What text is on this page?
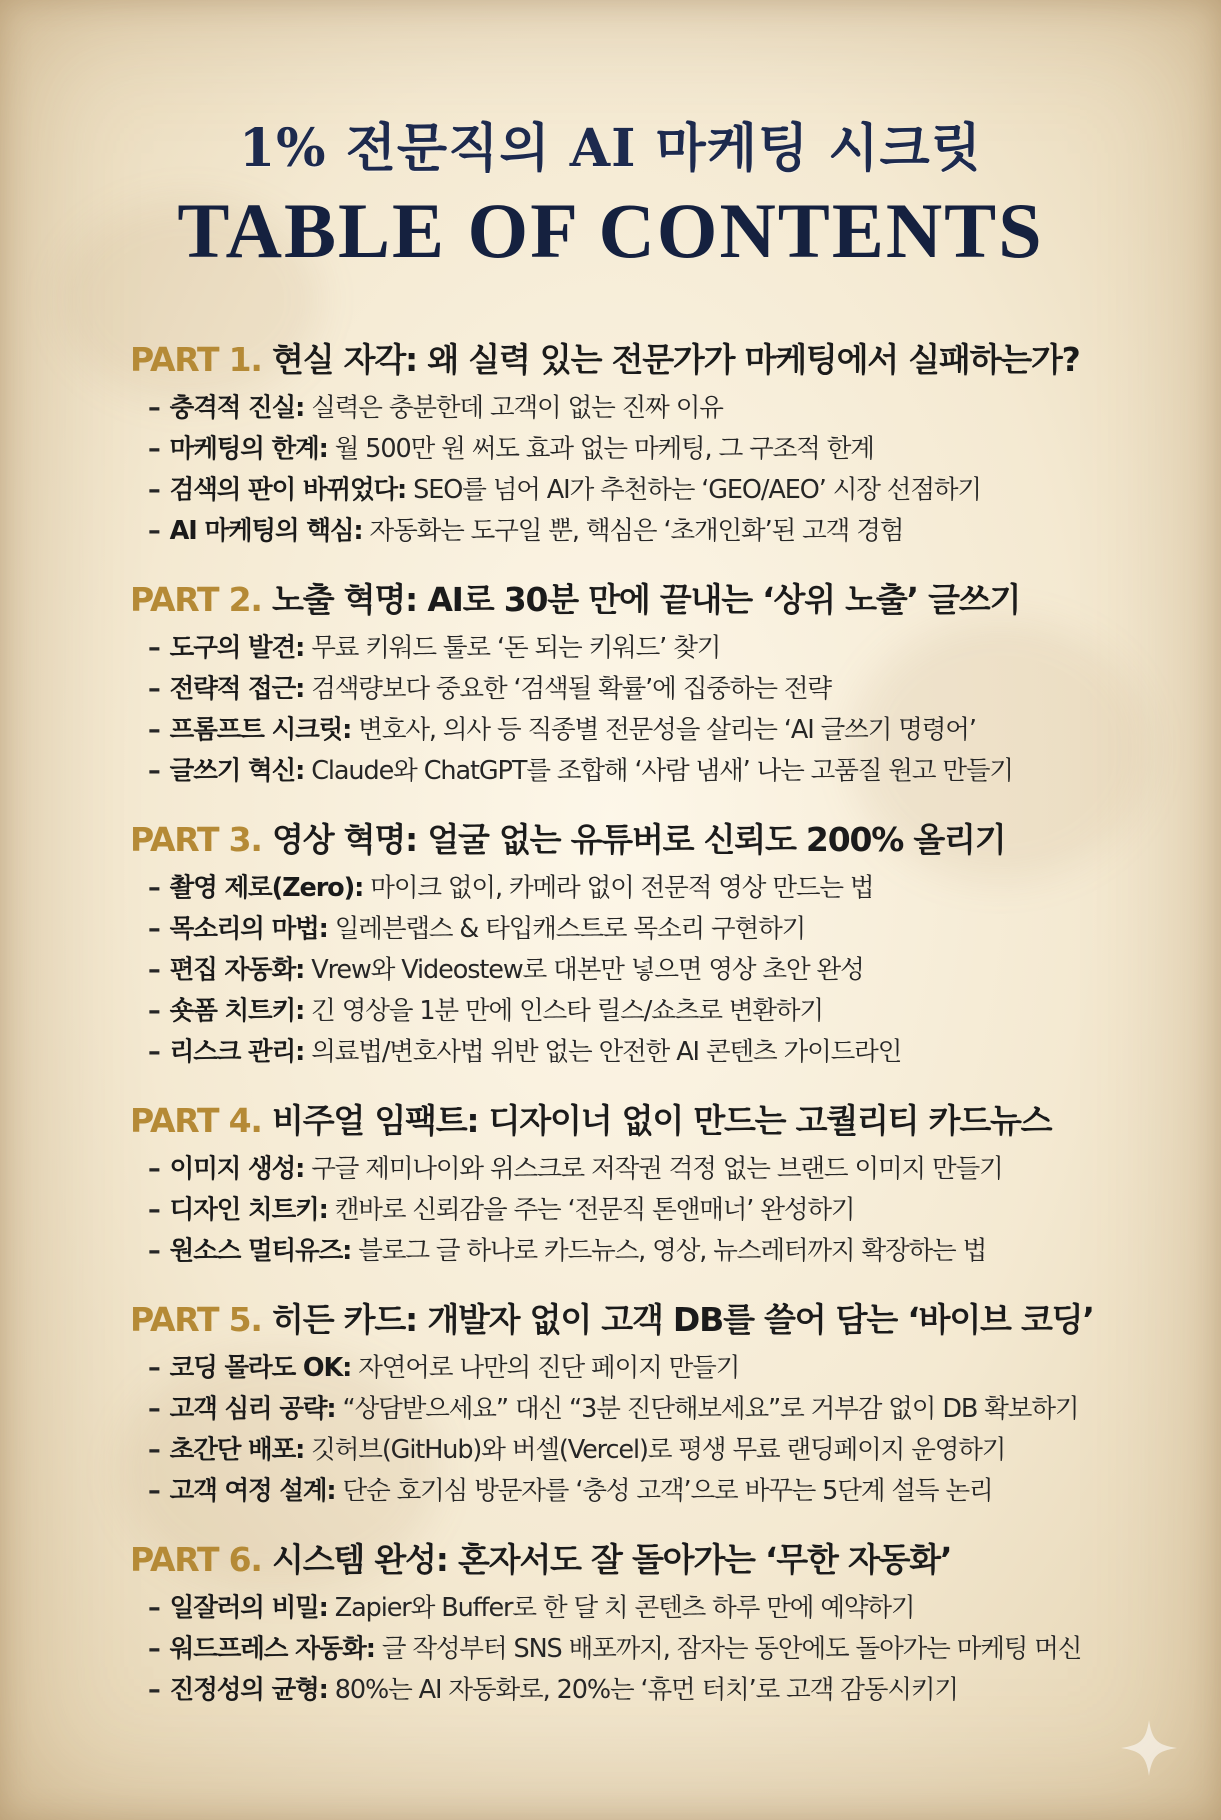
1% 전문직의 AI 마케팅 시크릿
TABLE OF CONTENTS
PART 1. 현실 자각: 왜 실력 있는 전문가가 마케팅에서 실패하는가?
– 충격적 진실: 실력은 충분한데 고객이 없는 진짜 이유
– 마케팅의 한계: 월 500만 원 써도 효과 없는 마케팅, 그 구조적 한계
– 검색의 판이 바뀌었다: SEO를 넘어 AI가 추천하는 ‘GEO/AEO’ 시장 선점하기
– AI 마케팅의 핵심: 자동화는 도구일 뿐, 핵심은 ‘초개인화’된 고객 경험
PART 2. 노출 혁명: AI로 30분 만에 끝내는 ‘상위 노출’ 글쓰기
– 도구의 발견: 무료 키워드 툴로 ‘돈 되는 키워드’ 찾기
– 전략적 접근: 검색량보다 중요한 ‘검색될 확률’에 집중하는 전략
– 프롬프트 시크릿: 변호사, 의사 등 직종별 전문성을 살리는 ‘AI 글쓰기 명령어’
– 글쓰기 혁신: Claude와 ChatGPT를 조합해 ‘사람 냄새’ 나는 고품질 원고 만들기
PART 3. 영상 혁명: 얼굴 없는 유튜버로 신뢰도 200% 올리기
– 촬영 제로(Zero): 마이크 없이, 카메라 없이 전문적 영상 만드는 법
– 목소리의 마법: 일레븐랩스 & 타입캐스트로 목소리 구현하기
– 편집 자동화: Vrew와 Videostew로 대본만 넣으면 영상 초안 완성
– 숏폼 치트키: 긴 영상을 1분 만에 인스타 릴스/쇼츠로 변환하기
– 리스크 관리: 의료법/변호사법 위반 없는 안전한 AI 콘텐츠 가이드라인
PART 4. 비주얼 임팩트: 디자이너 없이 만드는 고퀄리티 카드뉴스
– 이미지 생성: 구글 제미나이와 위스크로 저작권 걱정 없는 브랜드 이미지 만들기
– 디자인 치트키: 캔바로 신뢰감을 주는 ‘전문직 톤앤매너’ 완성하기
– 원소스 멀티유즈: 블로그 글 하나로 카드뉴스, 영상, 뉴스레터까지 확장하는 법
PART 5. 히든 카드: 개발자 없이 고객 DB를 쓸어 담는 ‘바이브 코딩’
– 코딩 몰라도 OK: 자연어로 나만의 진단 페이지 만들기
– 고객 심리 공략: “상담받으세요” 대신 “3분 진단해보세요”로 거부감 없이 DB 확보하기
– 초간단 배포: 깃허브(GitHub)와 버셀(Vercel)로 평생 무료 랜딩페이지 운영하기
– 고객 여정 설계: 단순 호기심 방문자를 ‘충성 고객’으로 바꾸는 5단계 설득 논리
PART 6. 시스템 완성: 혼자서도 잘 돌아가는 ‘무한 자동화’
– 일잘러의 비밀: Zapier와 Buffer로 한 달 치 콘텐츠 하루 만에 예약하기
– 워드프레스 자동화: 글 작성부터 SNS 배포까지, 잠자는 동안에도 돌아가는 마케팅 머신
– 진정성의 균형: 80%는 AI 자동화로, 20%는 ‘휴먼 터치’로 고객 감동시키기
